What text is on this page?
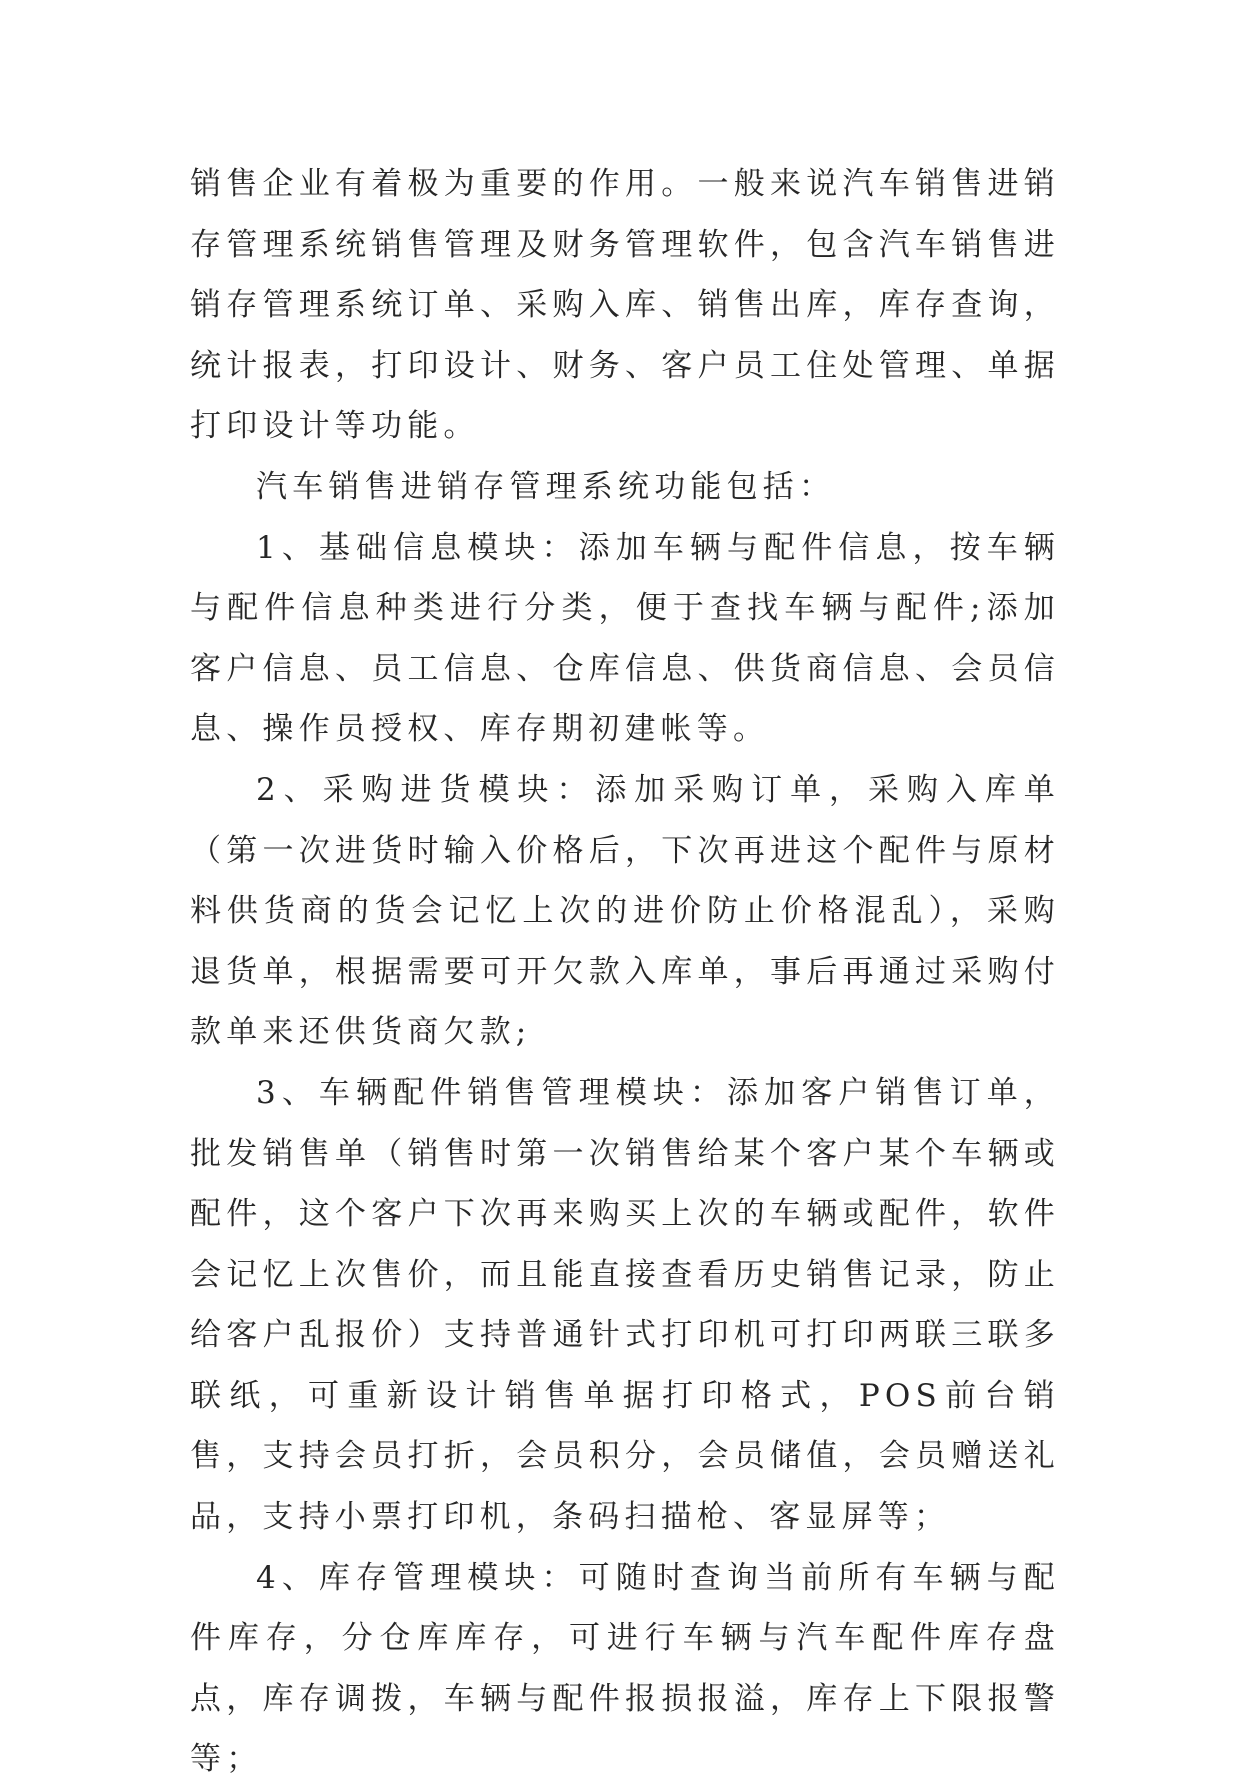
销售企业有着极为重要的作用。一般来说汽车销售进销存管理系统销售管理及财务管理软件，包含汽车销售进销存管理系统订单、采购入库、销售出库，库存查询，统计报表，打印设计、财务、客户员工住处管理、单据打印设计等功能。

汽车销售进销存管理系统功能包括：

1、基础信息模块：添加车辆与配件信息，按车辆与配件信息种类进行分类，便于查找车辆与配件;添加客户信息、员工信息、仓库信息、供货商信息、会员信息、操作员授权、库存期初建帐等。

2、采购进货模块：添加采购订单，采购入库单（第一次进货时输入价格后，下次再进这个配件与原材料供货商的货会记忆上次的进价防止价格混乱），采购退货单，根据需要可开欠款入库单，事后再通过采购付款单来还供货商欠款;

3、车辆配件销售管理模块：添加客户销售订单，批发销售单（销售时第一次销售给某个客户某个车辆或配件，这个客户下次再来购买上次的车辆或配件，软件会记忆上次售价，而且能直接查看历史销售记录，防止给客户乱报价）支持普通针式打印机可打印两联三联多联纸，可重新设计销售单据打印格式，POS前台销售，支持会员打折，会员积分，会员储值，会员赠送礼品，支持小票打印机，条码扫描枪、客显屏等；

4、库存管理模块：可随时查询当前所有车辆与配件库存，分仓库库存，可进行车辆与汽车配件库存盘点，库存调拨，车辆与配件报损报溢，库存上下限报警等；
